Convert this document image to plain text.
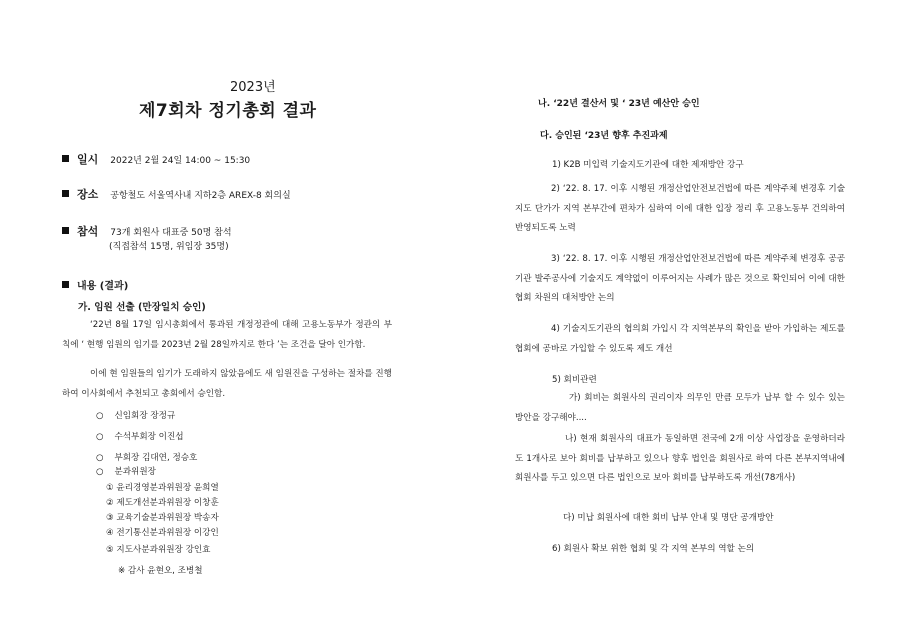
2023년
제7회차 정기총회 결과
일시 2022년 2월 24일 14:00 ~ 15:30
장소 공항철도 서울역사내 지하2층 AREX-8 회의실
참석 73개 회원사 대표중 50명 참석
(직접참석 15명, 위임장 35명)
내용 (결과)
가. 임원 선출 (만장일치 승인)
‘22년 8월 17일 임시총회에서 통과된 개정정관에 대해 고용노동부가 정관의 부칙에 ‘ 현행 임원의 임기를 2023년 2월 28일까지로 한다 ’는 조건을 달아 인가함.
이에 현 임원들의 임기가 도래하지 않았음에도 새 임원진을 구성하는 절차를 진행하여 이사회에서 추천되고 총회에서 승인함.
○ 신임회장 장정규
○ 수석부회장 이진섭
○ 부회장 김대연, 정승호
○ 분과위원장
① 윤리경영분과위원장 윤희열
② 제도개선분과위원장 이창훈
③ 교육기술분과위원장 박송자
④ 전기통신분과위원장 이강인
⑤ 지도사분과위원장 강인효
※ 감사 윤현오, 조병철
나. ‘22년 결산서 및 ‘ 23년 예산안 승인
다. 승인된 ‘23년 향후 추진과제
1) K2B 미입력 기술지도기관에 대한 제재방안 강구
2) ‘22. 8. 17. 이후 시행된 개정산업안전보건법에 따른 계약주체 변경후 기술지도 단가가 지역 본부간에 편차가 심하여 이에 대한 입장 정리 후 고용노동부 건의하여 반영되도록 노력
3) ‘22. 8. 17. 이후 시행된 개정산업안전보건법에 따른 계약주체 변경후 공공기관 발주공사에 기술지도 계약없이 이루어지는 사례가 많은 것으로 확인되어 이에 대한 협회 차원의 대처방안 논의
4) 기술지도기관의 협의회 가입시 각 지역본부의 확인을 받아 가입하는 제도를 협회에 공바로 가입할 수 있도록 제도 개선
5) 회비관련
가) 회비는 회원사의 권리이자 의무인 만큼 모두가 납부 할 수 있수 있는 방안을 강구해야....
나) 현재 회원사의 대표가 동일하면 전국에 2개 이상 사업장을 운영하더라도 1개사로 보아 회비를 납부하고 있으나 향후 법인을 회원사로 하여 다른 본부지역내에 회원사를 두고 있으면 다른 법인으로 보아 회비를 납부하도록 개선(78개사)
다) 미납 회원사에 대한 회비 납부 안내 및 명단 공개방안
6) 회원사 확보 위한 협회 및 각 지역 본부의 역할 논의
